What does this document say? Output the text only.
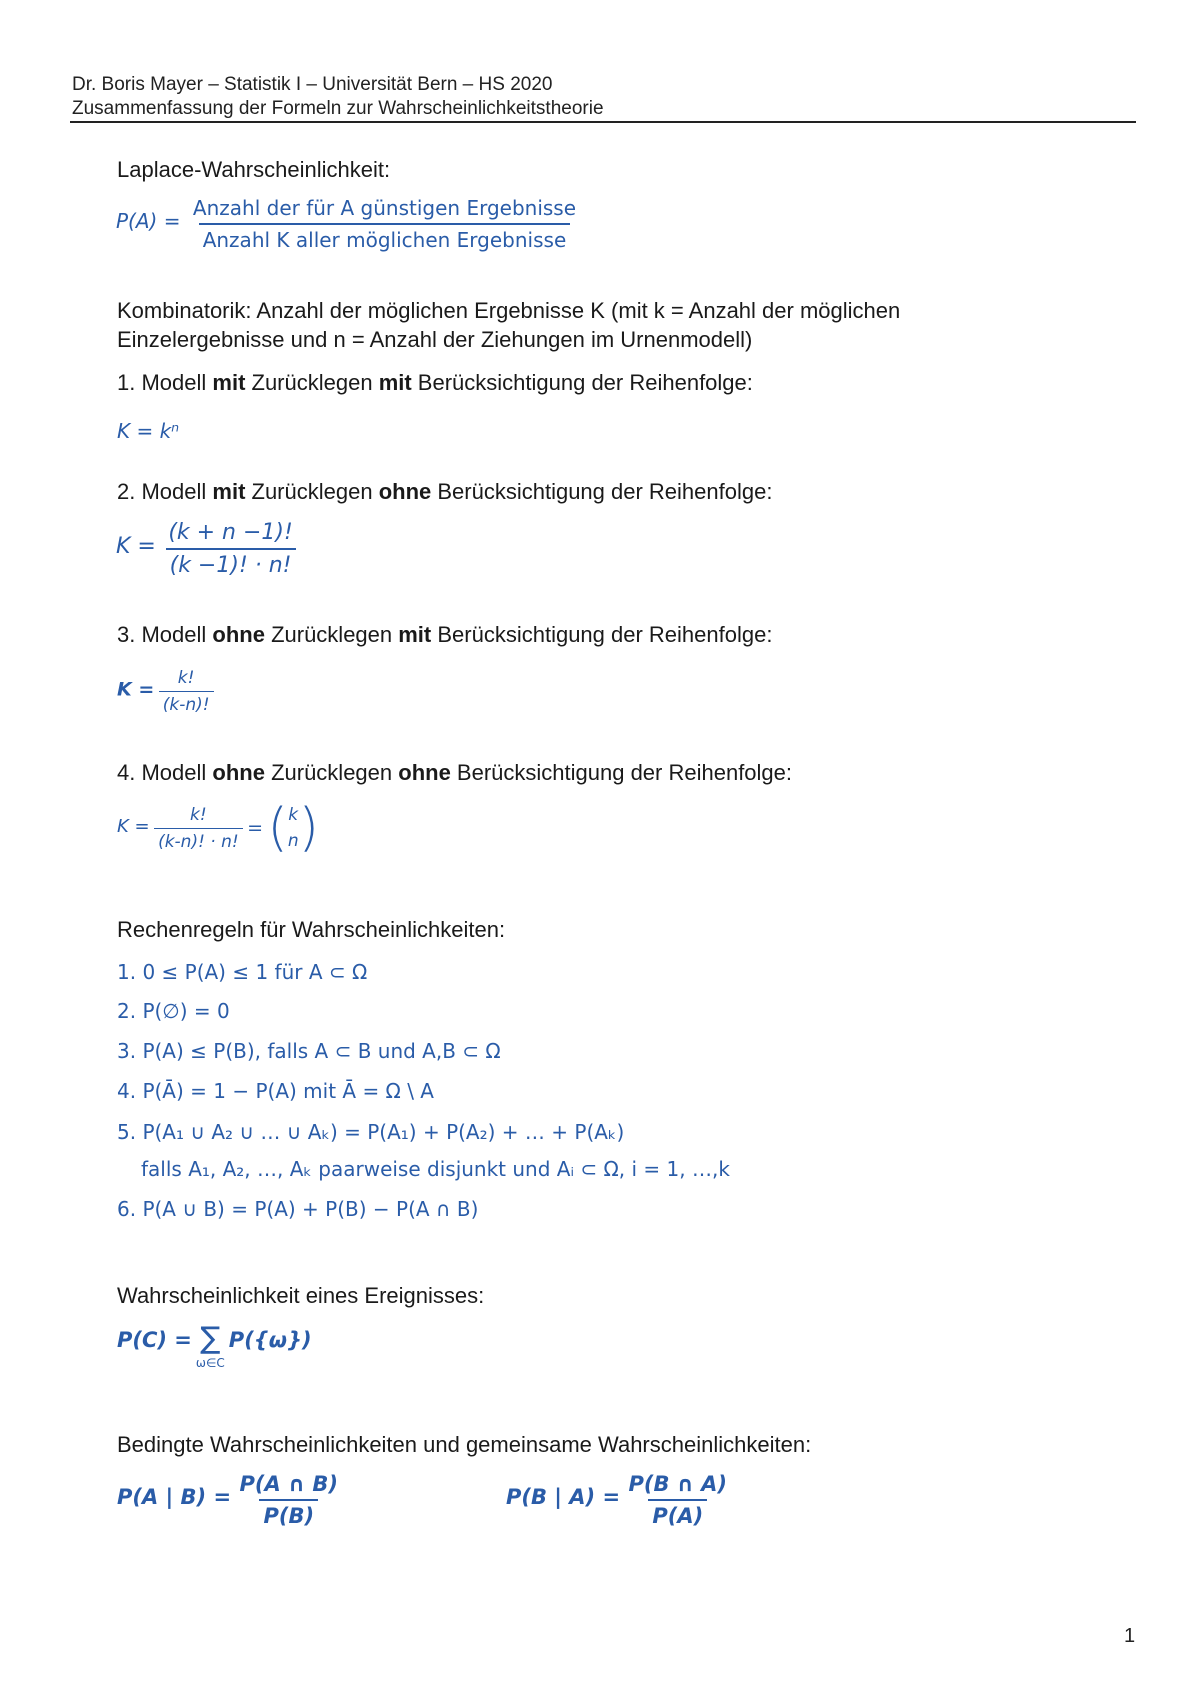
Dr. Boris Mayer – Statistik I – Universität Bern – HS 2020
Zusammenfassung der Formeln zur Wahrscheinlichkeitstheorie
Laplace-Wahrscheinlichkeit:
$P(A) = \frac{\text{Anzahl der für A günstigen Ergebnisse}}{\text{Anzahl K aller möglichen Ergebnisse}}$
Kombinatorik: Anzahl der möglichen Ergebnisse K (mit k = Anzahl der möglichen
Einzelergebnisse und n = Anzahl der Ziehungen im Urnenmodell)
1. Modell mit Zurücklegen mit Berücksichtigung der Reihenfolge:
K = kⁿ
2. Modell mit Zurücklegen ohne Berücksichtigung der Reihenfolge:
$K = \frac{(k + n -1)!}{(k -1)! \cdot n!}$
3. Modell ohne Zurücklegen mit Berücksichtigung der Reihenfolge:
$K = \frac{k!}{(k-n)!}$
4. Modell ohne Zurücklegen ohne Berücksichtigung der Reihenfolge:
$K = \frac{k!}{(k-n)! \cdot n!}$ = ( k
n )
Rechenregeln für Wahrscheinlichkeiten:
1. 0 ≤ P(A) ≤ 1 für A ⊂ Ω
2. P(∅) = 0
3. P(A) ≤ P(B), falls A ⊂ B und A,B ⊂ Ω
4. P(Ā) = 1 − P(A) mit Ā = Ω \ A
5. P(A₁ ∪ A₂ ∪ … ∪ Aₖ) = P(A₁) + P(A₂) + … + P(Aₖ)
falls A₁, A₂, …, Aₖ paarweise disjunkt und Aᵢ ⊂ Ω, i = 1, …,k
6. P(A ∪ B) = P(A) + P(B) − P(A ∩ B)
Wahrscheinlichkeit eines Ereignisses:
P(C) = ∑
ω∈C
P({ω})
Bedingte Wahrscheinlichkeiten und gemeinsame Wahrscheinlichkeiten:
P(A | $B) = \frac{P(A \cap B)}{P(B)}$	P(B | $A) = \frac{P(B \cap A)}{P(A)}$
1
